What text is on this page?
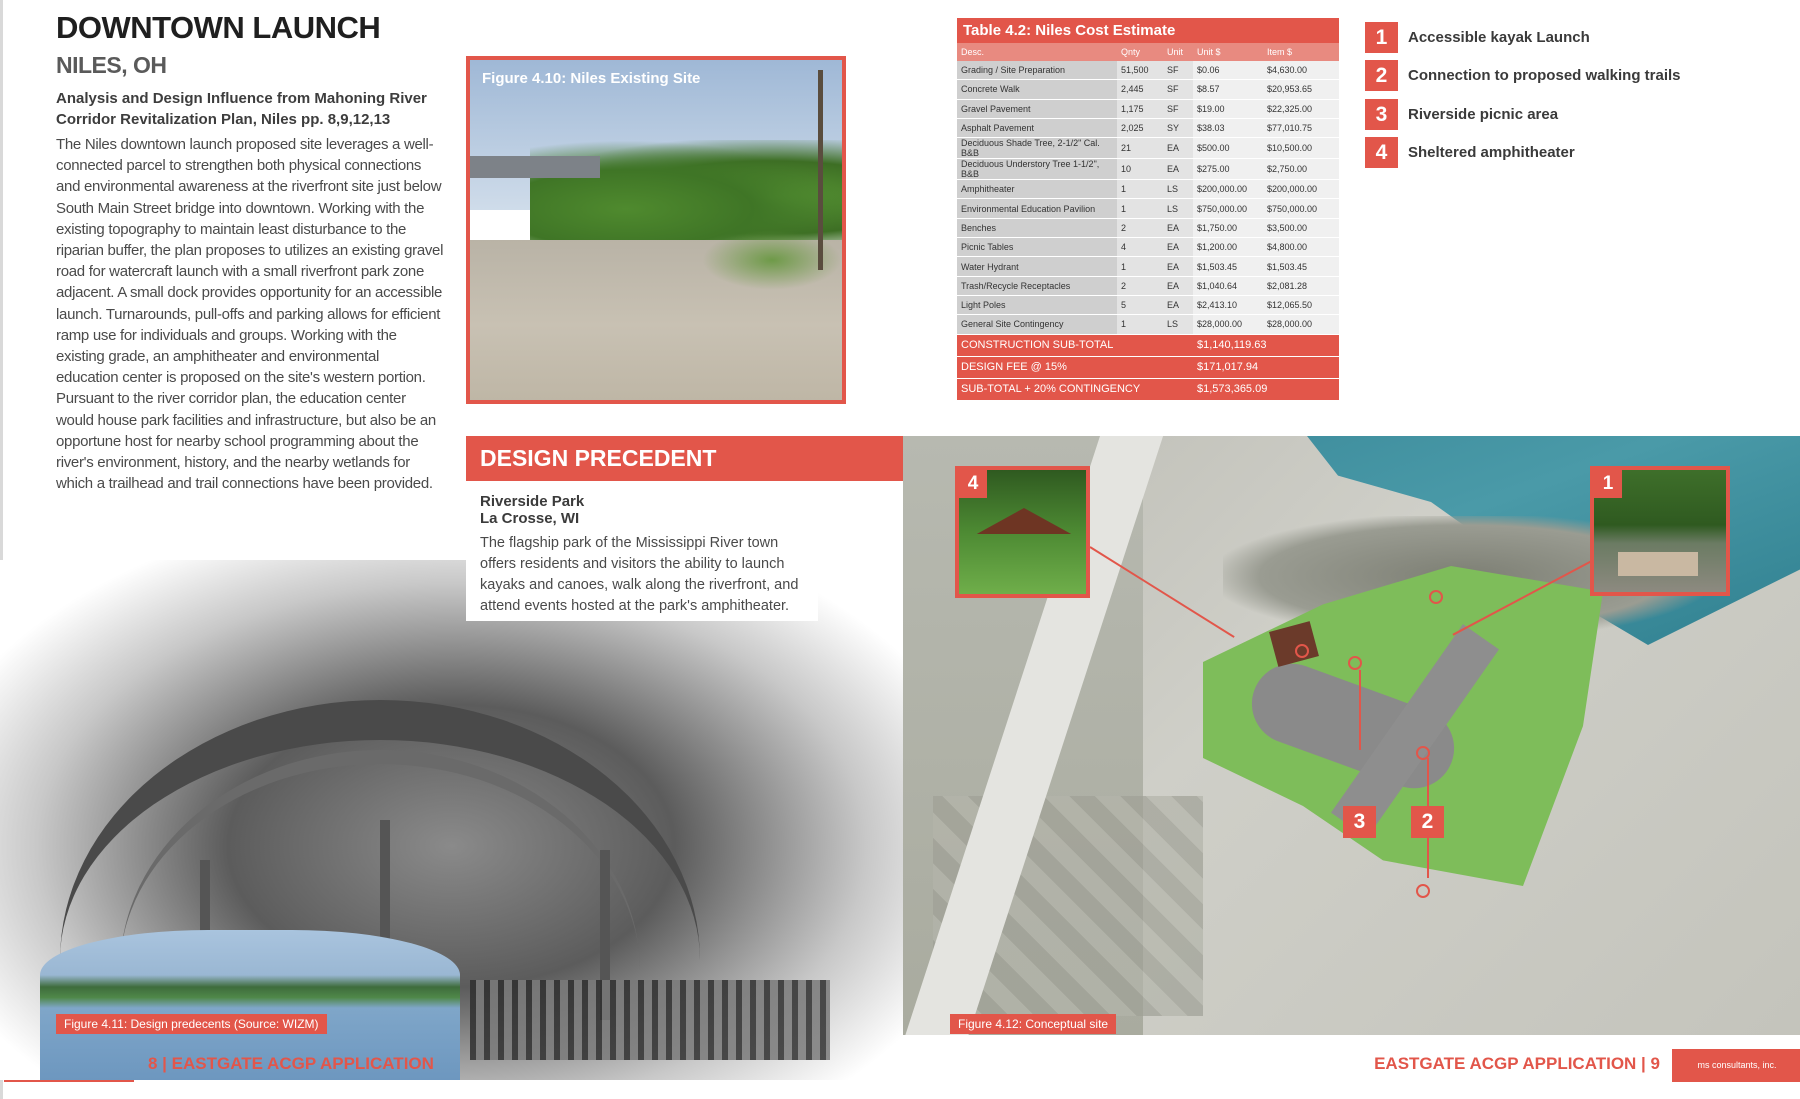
DOWNTOWN LAUNCH
NILES, OH
Analysis and Design Influence from Mahoning River Corridor Revitalization Plan, Niles pp. 8,9,12,13
The Niles downtown launch proposed site leverages a well-connected parcel to strengthen both physical connections and environmental awareness at the riverfront site just below South Main Street bridge into downtown. Working with the existing topography to maintain least disturbance to the riparian buffer, the plan proposes to utilizes an existing gravel road for watercraft launch with a small riverfront park zone adjacent. A small dock provides opportunity for an accessible launch. Turnarounds, pull-offs and parking allows for efficient ramp use for individuals and groups. Working with the existing grade, an amphitheater and environmental education center is proposed on the site's western portion. Pursuant to the river corridor plan, the education center would house park facilities and infrastructure, but also be an opportune host for nearby school programming about the river's environment, history, and the nearby wetlands for which a trailhead and trail connections have been provided.
Figure 4.10: Niles Existing Site
Table 4.2: Niles Cost Estimate
Desc.	Qnty	Unit	Unit $	Item $
Grading / Site Preparation	51,500	SF	$0.06	$4,630.00
Concrete Walk	2,445	SF	$8.57	$20,953.65
Gravel Pavement	1,175	SF	$19.00	$22,325.00
Asphalt Pavement	2,025	SY	$38.03	$77,010.75
Deciduous Shade Tree, 2-1/2" Cal. B&B	21	EA	$500.00	$10,500.00
Deciduous Understory Tree 1-1/2", B&B	10	EA	$275.00	$2,750.00
Amphitheater	1	LS	$200,000.00	$200,000.00
Environmental Education Pavilion	1	LS	$750,000.00	$750,000.00
Benches	2	EA	$1,750.00	$3,500.00
Picnic Tables	4	EA	$1,200.00	$4,800.00
Water Hydrant	1	EA	$1,503.45	$1,503.45
Trash/Recycle Receptacles	2	EA	$1,040.64	$2,081.28
Light Poles	5	EA	$2,413.10	$12,065.50
General Site Contingency	1	LS	$28,000.00	$28,000.00
CONSTRUCTION SUB-TOTAL			$1,140,119.63	
DESIGN FEE @ 15%			$171,017.94	
SUB-TOTAL + 20% CONTINGENCY			$1,573,365.09	
1	Accessible kayak Launch
2	Connection to proposed walking trails
3	Riverside picnic area
4	Sheltered amphitheater
Figure 4.11: Design predecents (Source: WIZM)
DESIGN PRECEDENT
Riverside Park
La Crosse, WI
The flagship park of the Mississippi River town offers residents and visitors the ability to launch kayaks and canoes, walk along the riverfront, and attend events hosted at the park's amphitheater.
4	1
3	2
Figure 4.12: Conceptual site
8 | EASTGATE ACGP APPLICATION	EASTGATE ACGP APPLICATION | 9	ms consultants, inc.
